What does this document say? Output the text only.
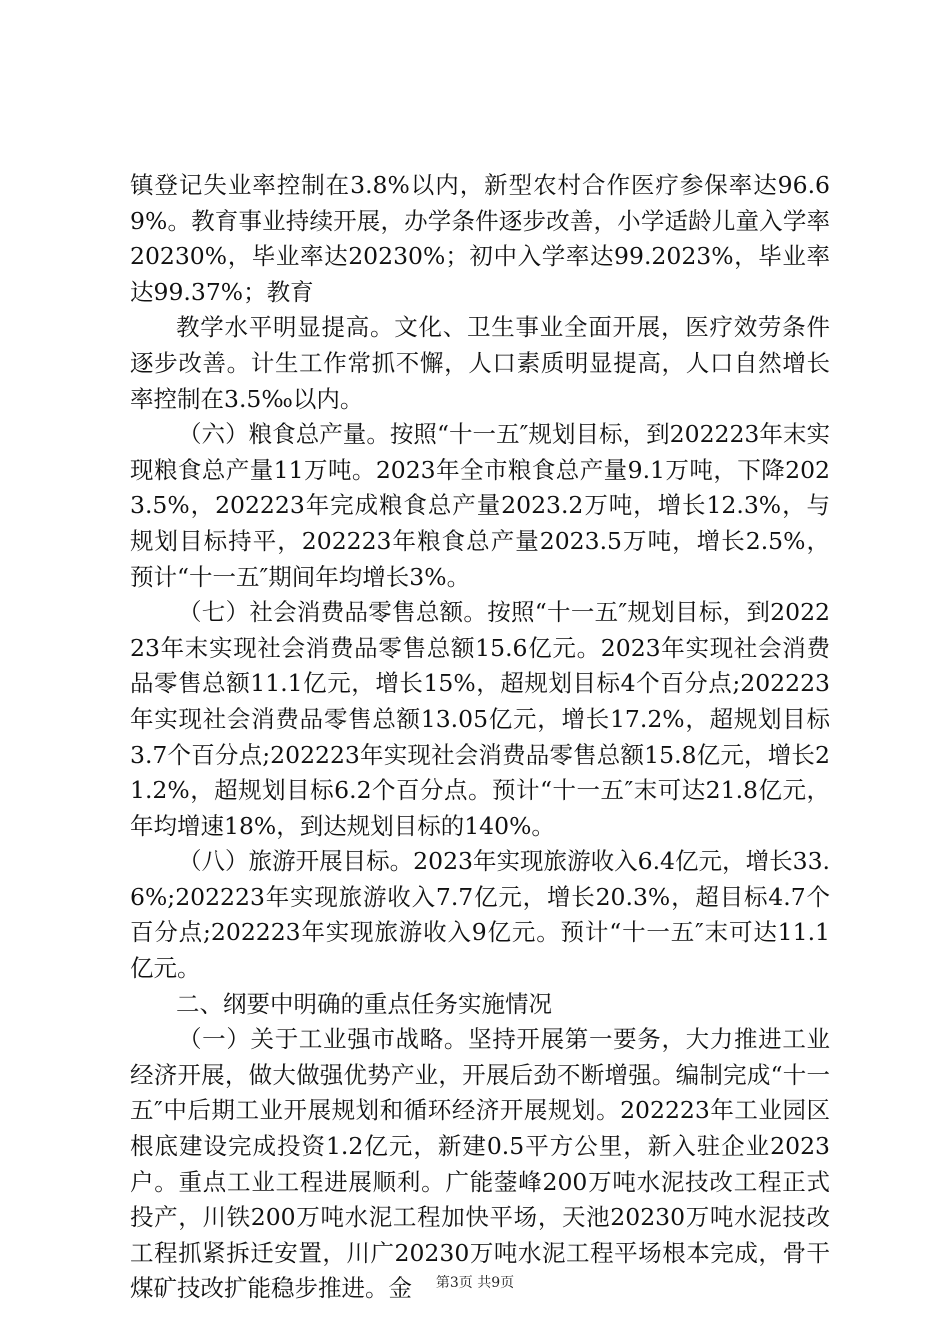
镇登记失业率控制在3.8%以内，新型农村合作医疗参保率达96.69%。教育事业持续开展，办学条件逐步改善，小学适龄儿童入学率20230%，毕业率达20230%；初中入学率达99.2023%，毕业率达99.37%；教育

教学水平明显提高。文化、卫生事业全面开展，医疗效劳条件逐步改善。计生工作常抓不懈，人口素质明显提高，人口自然增长率控制在3.5‰以内。

（六）粮食总产量。按照“十一五″规划目标，到202223年末实现粮食总产量11万吨。2023年全市粮食总产量9.1万吨，下降2023.5%，202223年完成粮食总产量2023.2万吨，增长12.3%，与规划目标持平，202223年粮食总产量2023.5万吨，增长2.5%，预计“十一五″期间年均增长3%。

（七）社会消费品零售总额。按照“十一五″规划目标，到202223年末实现社会消费品零售总额15.6亿元。2023年实现社会消费品零售总额11.1亿元，增长15%，超规划目标4个百分点;202223年实现社会消费品零售总额13.05亿元，增长17.2%，超规划目标3.7个百分点;202223年实现社会消费品零售总额15.8亿元，增长21.2%，超规划目标6.2个百分点。预计“十一五″末可达21.8亿元，年均增速18%，到达规划目标的140%。

（八）旅游开展目标。2023年实现旅游收入6.4亿元，增长33.6%;202223年实现旅游收入7.7亿元，增长20.3%，超目标4.7个百分点;202223年实现旅游收入9亿元。预计“十一五″末可达11.1亿元。

二、纲要中明确的重点任务实施情况

（一）关于工业强市战略。坚持开展第一要务，大力推进工业经济开展，做大做强优势产业，开展后劲不断增强。编制完成“十一五″中后期工业开展规划和循环经济开展规划。202223年工业园区根底建设完成投资1.2亿元，新建0.5平方公里，新入驻企业2023户。重点工业工程进展顺利。广能蓥峰200万吨水泥技改工程正式投产，川铁200万吨水泥工程加快平场，天池20230万吨水泥技改工程抓紧拆迁安置，川广20230万吨水泥工程平场根本完成，骨干煤矿技改扩能稳步推进。金	第3页 共9页
